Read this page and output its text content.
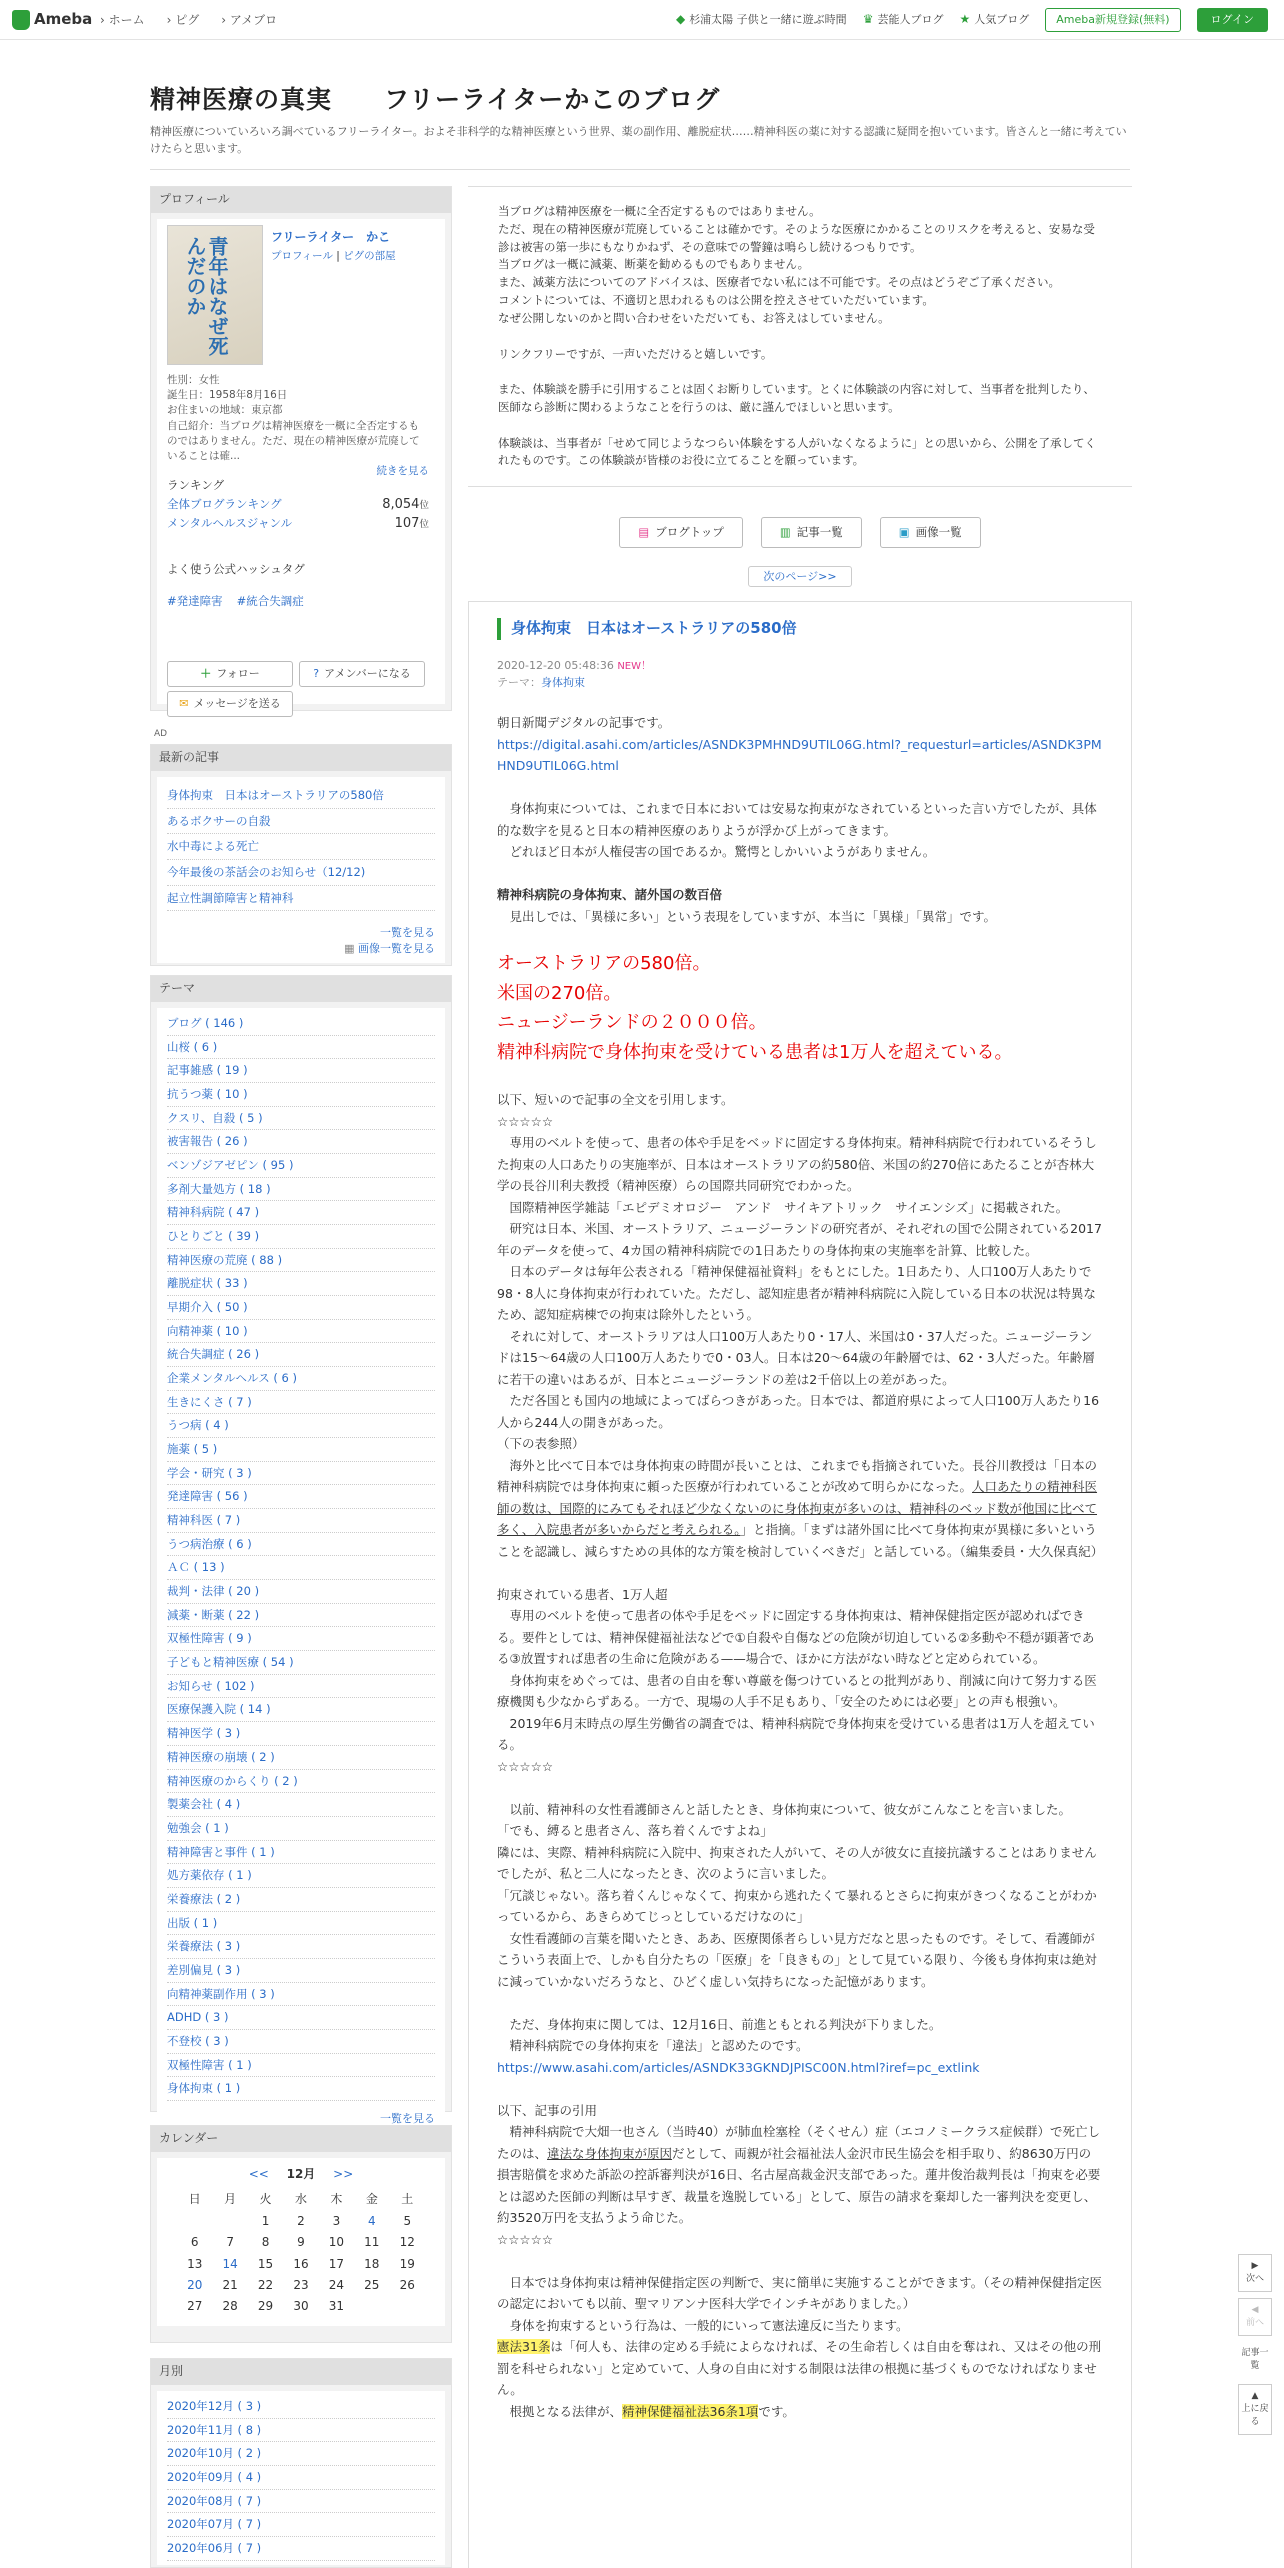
Ameba › ホーム › ピグ › アメブロ	◆ 杉浦太陽 子供と一緒に遊ぶ時間 ♛ 芸能人ブログ ★ 人気ブログ	Ameba新規登録(無料)	ログイン
精神医療の真実　　フリーライターかこのブログ
精神医療についていろいろ調べているフリーライター。およそ非科学的な精神医療という世界、薬の副作用、離脱症状……精神科医の薬に対する認識に疑問を抱いています。皆さんと一緒に考えていけたらと思います。
プロフィール
青年はなぜ死んだのか	フリーライター　かこ
プロフィール | ピグの部屋
性別：女性
誕生日：1958年8月16日
お住まいの地域：東京都
自己紹介：当ブログは精神医療を一概に全否定するものではありません。ただ、現在の精神医療が荒廃していることは確...
続きを見る
ランキング
全体ブログランキング	8,054位
メンタルヘルスジャンル	107位
よく使う公式ハッシュタグ
#発達障害 #統合失調症
＋ フォロー	? アメンバーになる
✉ メッセージを送る
AD
最新の記事
身体拘束　日本はオーストラリアの580倍
あるボクサーの自殺
水中毒による死亡
今年最後の茶話会のお知らせ（12/12)
起立性調節障害と精神科
一覧を見る
▦ 画像一覧を見る
テーマ
ブログ ( 146 )
山桜 ( 6 )
記事雑感 ( 19 )
抗うつ薬 ( 10 )
クスリ、自殺 ( 5 )
被害報告 ( 26 )
ベンゾジアゼピン ( 95 )
多剤大量処方 ( 18 )
精神科病院 ( 47 )
ひとりごと ( 39 )
精神医療の荒廃 ( 88 )
離脱症状 ( 33 )
早期介入 ( 50 )
向精神薬 ( 10 )
統合失調症 ( 26 )
企業メンタルヘルス ( 6 )
生きにくさ ( 7 )
うつ病 ( 4 )
施薬 ( 5 )
学会・研究 ( 3 )
発達障害 ( 56 )
精神科医 ( 7 )
うつ病治療 ( 6 )
ＡＣ ( 13 )
裁判・法律 ( 20 )
減薬・断薬 ( 22 )
双極性障害 ( 9 )
子どもと精神医療 ( 54 )
お知らせ ( 102 )
医療保護入院 ( 14 )
精神医学 ( 3 )
精神医療の崩壊 ( 2 )
精神医療のからくり ( 2 )
製薬会社 ( 4 )
勉強会 ( 1 )
精神障害と事件 ( 1 )
処方薬依存 ( 1 )
栄養療法 ( 2 )
出版 ( 1 )
栄養療法 ( 3 )
差別偏見 ( 3 )
向精神薬副作用 ( 3 )
ADHD ( 3 )
不登校 ( 3 )
双極性障害 ( 1 )
身体拘束 ( 1 )
一覧を見る
カレンダー
<< 12月 >>
日	月	火	水	木	金	土
		1	2	3	4	5
6	7	8	9	10	11	12
13	14	15	16	17	18	19
20	21	22	23	24	25	26
27	28	29	30	31		
月別
2020年12月 ( 3 )
2020年11月 ( 8 )
2020年10月 ( 2 )
2020年09月 ( 4 )
2020年08月 ( 7 )
2020年07月 ( 7 )
2020年06月 ( 7 )

当ブログは精神医療を一概に全否定するものではありません。

ただ、現在の精神医療が荒廃していることは確かです。そのような医療にかかることのリスクを考えると、安易な受診は被害の第一歩にもなりかねず、その意味での警鐘は鳴らし続けるつもりです。

当ブログは一概に減薬、断薬を勧めるものでもありません。

また、減薬方法についてのアドバイスは、医療者でない私には不可能です。その点はどうぞご了承ください。

コメントについては、不適切と思われるものは公開を控えさせていただいています。

なぜ公開しないのかと問い合わせをいただいても、お答えはしていません。

リンクフリーですが、一声いただけると嬉しいです。

また、体験談を勝手に引用することは固くお断りしています。とくに体験談の内容に対して、当事者を批判したり、医師なら診断に関わるようなことを行うのは、厳に謹んでほしいと思います。

体験談は、当事者が「せめて同じようなつらい体験をする人がいなくなるように」との思いから、公開を了承してくれたものです。この体験談が皆様のお役に立てることを願っています。

▤ ブログトップ	▥ 記事一覧	▣ 画像一覧
次のページ>>
身体拘束　日本はオーストラリアの580倍
2020-12-20 05:48:36 NEW！
テーマ：身体拘束

朝日新聞デジタルの記事です。

https://digital.asahi.com/articles/ASNDK3PMHND9UTIL06G.html?_requesturl=articles/ASNDK3PMHND9UTIL06G.html

　身体拘束については、これまで日本においては安易な拘束がなされているといった言い方でしたが、具体的な数字を見ると日本の精神医療のありようが浮かび上がってきます。

　どれほど日本が人権侵害の国であるか。驚愕としかいいようがありません。

精神科病院の身体拘束、諸外国の数百倍

　見出しでは、「異様に多い」という表現をしていますが、本当に「異様」「異常」です。

オーストラリアの580倍。

米国の270倍。

ニュージーランドの２０００倍。

精神科病院で身体拘束を受けている患者は1万人を超えている。

以下、短いので記事の全文を引用します。

☆☆☆☆☆

　専用のベルトを使って、患者の体や手足をベッドに固定する身体拘束。精神科病院で行われているそうした拘束の人口あたりの実施率が、日本はオーストラリアの約580倍、米国の約270倍にあたることが杏林大学の長谷川利夫教授（精神医療）らの国際共同研究でわかった。

　国際精神医学雑誌「エピデミオロジー　アンド　サイキアトリック　サイエンシズ」に掲載された。

　研究は日本、米国、オーストラリア、ニュージーランドの研究者が、それぞれの国で公開されている2017年のデータを使って、4カ国の精神科病院での1日あたりの身体拘束の実施率を計算、比較した。

　日本のデータは毎年公表される「精神保健福祉資料」をもとにした。1日あたり、人口100万人あたりで98・8人に身体拘束が行われていた。ただし、認知症患者が精神科病院に入院している日本の状況は特異なため、認知症病棟での拘束は除外したという。

　それに対して、オーストラリアは人口100万人あたり0・17人、米国は0・37人だった。ニュージーランドは15～64歳の人口100万人あたりで0・03人。日本は20～64歳の年齢層では、62・3人だった。年齢層に若干の違いはあるが、日本とニュージーランドの差は2千倍以上の差があった。

　ただ各国とも国内の地域によってばらつきがあった。日本では、都道府県によって人口100万人あたり16人から244人の開きがあった。

（下の表参照）

　海外と比べて日本では身体拘束の時間が長いことは、これまでも指摘されていた。長谷川教授は「日本の精神科病院では身体拘束に頼った医療が行われていることが改めて明らかになった。人口あたりの精神科医師の数は、国際的にみてもそれほど少なくないのに身体拘束が多いのは、精神科のベッド数が他国に比べて多く、入院患者が多いからだと考えられる。」と指摘。「まずは諸外国に比べて身体拘束が異様に多いということを認識し、減らすための具体的な方策を検討していくべきだ」と話している。（編集委員・大久保真紀）

拘束されている患者、1万人超

　専用のベルトを使って患者の体や手足をベッドに固定する身体拘束は、精神保健指定医が認めればできる。要件としては、精神保健福祉法などで①自殺や自傷などの危険が切迫している②多動や不穏が顕著である③放置すれば患者の生命に危険がある——場合で、ほかに方法がない時などと定められている。

　身体拘束をめぐっては、患者の自由を奪い尊厳を傷つけているとの批判があり、削減に向けて努力する医療機関も少なからずある。一方で、現場の人手不足もあり、「安全のためには必要」との声も根強い。

　2019年6月末時点の厚生労働省の調査では、精神科病院で身体拘束を受けている患者は1万人を超えている。

☆☆☆☆☆

　以前、精神科の女性看護師さんと話したとき、身体拘束について、彼女がこんなことを言いました。

「でも、縛ると患者さん、落ち着くんですよね」

隣には、実際、精神科病院に入院中、拘束された人がいて、その人が彼女に直接抗議することはありませんでしたが、私と二人になったとき、次のように言いました。

「冗談じゃない。落ち着くんじゃなくて、拘束から逃れたくて暴れるとさらに拘束がきつくなることがわかっているから、あきらめてじっとしているだけなのに」

　女性看護師の言葉を聞いたとき、ああ、医療関係者らしい見方だなと思ったものです。そして、看護師がこういう表面上で、しかも自分たちの「医療」を「良きもの」として見ている限り、今後も身体拘束は絶対に減っていかないだろうなと、ひどく虚しい気持ちになった記憶があります。

　ただ、身体拘束に関しては、12月16日、前進ともとれる判決が下りました。

　精神科病院での身体拘束を「違法」と認めたのです。

https://www.asahi.com/articles/ASNDK33GKNDJPISC00N.html?iref=pc_extlink

以下、記事の引用

　精神科病院で大畑一也さん（当時40）が肺血栓塞栓（そくせん）症（エコノミークラス症候群）で死亡したのは、違法な身体拘束が原因だとして、両親が社会福祉法人金沢市民生協会を相手取り、約8630万円の損害賠償を求めた訴訟の控訴審判決が16日、名古屋高裁金沢支部であった。蓮井俊治裁判長は「拘束を必要とは認めた医師の判断は早すぎ、裁量を逸脱している」として、原告の請求を棄却した一審判決を変更し、約3520万円を支払うよう命じた。

☆☆☆☆☆

　日本では身体拘束は精神保健指定医の判断で、実に簡単に実施することができます。（その精神保健指定医の認定においても以前、聖マリアンナ医科大学でインチキがありました。）

　身体を拘束するという行為は、一般的にいって憲法違反に当たります。

憲法31条は「何人も、法律の定める手続によらなければ、その生命若しくは自由を奪はれ、又はその他の刑罰を科せられない」と定めていて、人身の自由に対する制限は法律の根拠に基づくものでなければなりません。

　根拠となる法律が、精神保健福祉法36条1項です。

▶
次へ
◀
前へ
記事一覧
▲
上に戻る
